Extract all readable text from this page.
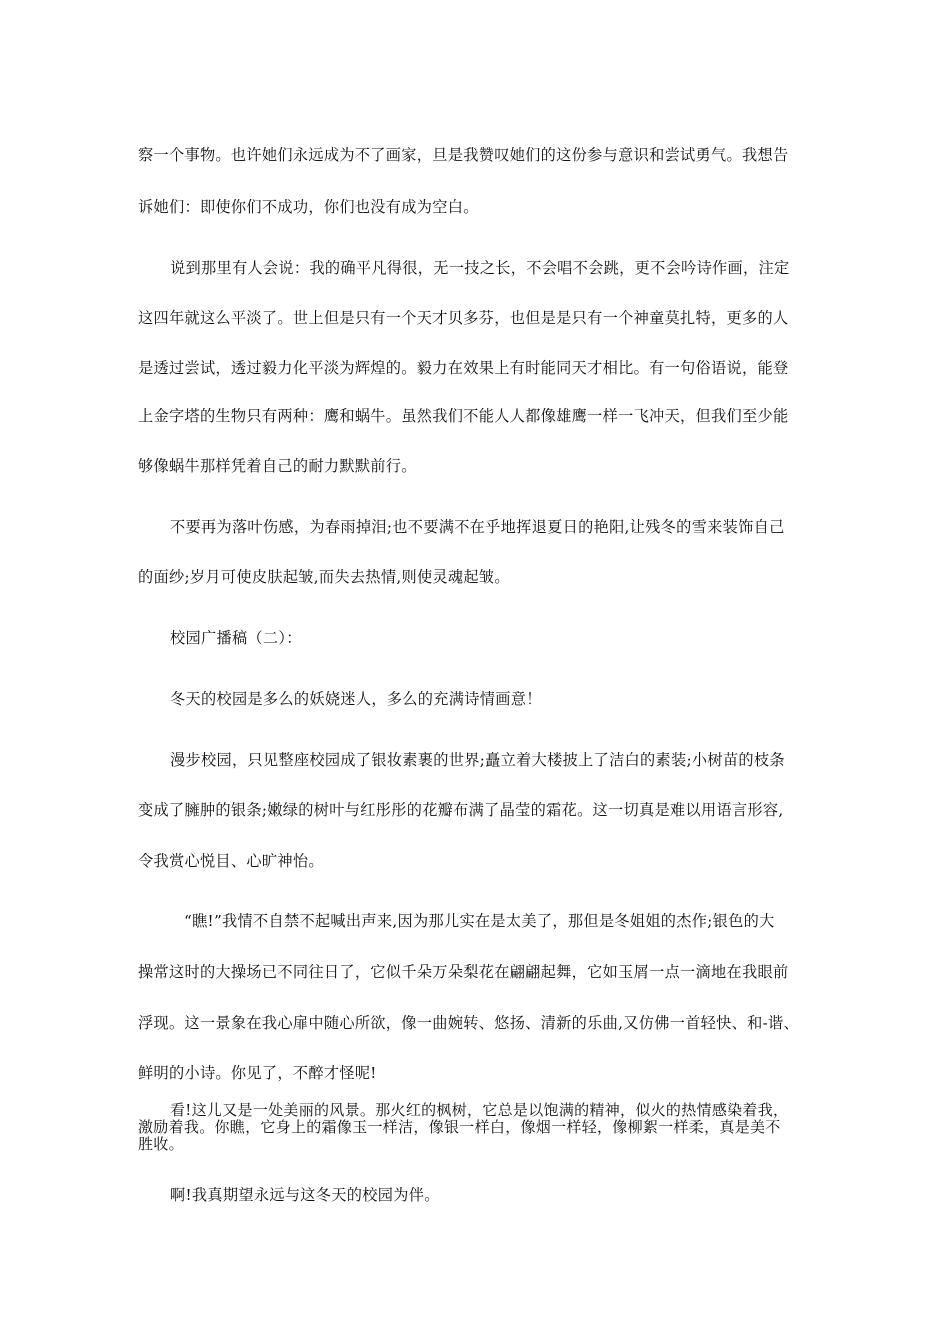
察一个事物。也许她们永远成为不了画家，旦是我赞叹她们的这份参与意识和尝试勇气。我想告
诉她们：即使你们不成功，你们也没有成为空白。
说到那里有人会说：我的确平凡得很，无一技之长，不会唱不会跳，更不会吟诗作画，注定
这四年就这么平淡了。世上但是只有一个天才贝多芬，也但是是只有一个神童莫扎特，更多的人
是透过尝试，透过毅力化平淡为辉煌的。毅力在效果上有时能同天才相比。有一句俗语说，能登
上金字塔的生物只有两种：鹰和蜗牛。虽然我们不能人人都像雄鹰一样一飞冲天，但我们至少能
够像蜗牛那样凭着自己的耐力默默前行。
不要再为落叶伤感，为春雨掉泪;也不要满不在乎地挥退夏日的艳阳,让残冬的雪来装饰自己
的面纱;岁月可使皮肤起皱,而失去热情,则使灵魂起皱。
校园广播稿（二）：
冬天的校园是多么的妖娆迷人，多么的充满诗情画意！
漫步校园，只见整座校园成了银妆素裹的世界;矗立着大楼披上了洁白的素装;小树苗的枝条
变成了臃肿的银条;嫩绿的树叶与红彤彤的花瓣布满了晶莹的霜花。这一切真是难以用语言形容,
令我赏心悦目、心旷神怡。
“瞧!”我情不自禁不起喊出声来,因为那儿实在是太美了，那但是冬姐姐的杰作;银色的大
操常这时的大操场已不同往日了，它似千朵万朵梨花在翩翩起舞，它如玉屑一点一滴地在我眼前
浮现。这一景象在我心扉中随心所欲，像一曲婉转、悠扬、清新的乐曲,又仿佛一首轻快、和-谐、
鲜明的小诗。你见了，不醉才怪呢!
看!这儿又是一处美丽的风景。那火红的枫树，它总是以饱满的精神，似火的热情感染着我，
激励着我。你瞧，它身上的霜像玉一样洁，像银一样白，像烟一样轻，像柳絮一样柔，真是美不
胜收。
啊!我真期望永远与这冬天的校园为伴。
